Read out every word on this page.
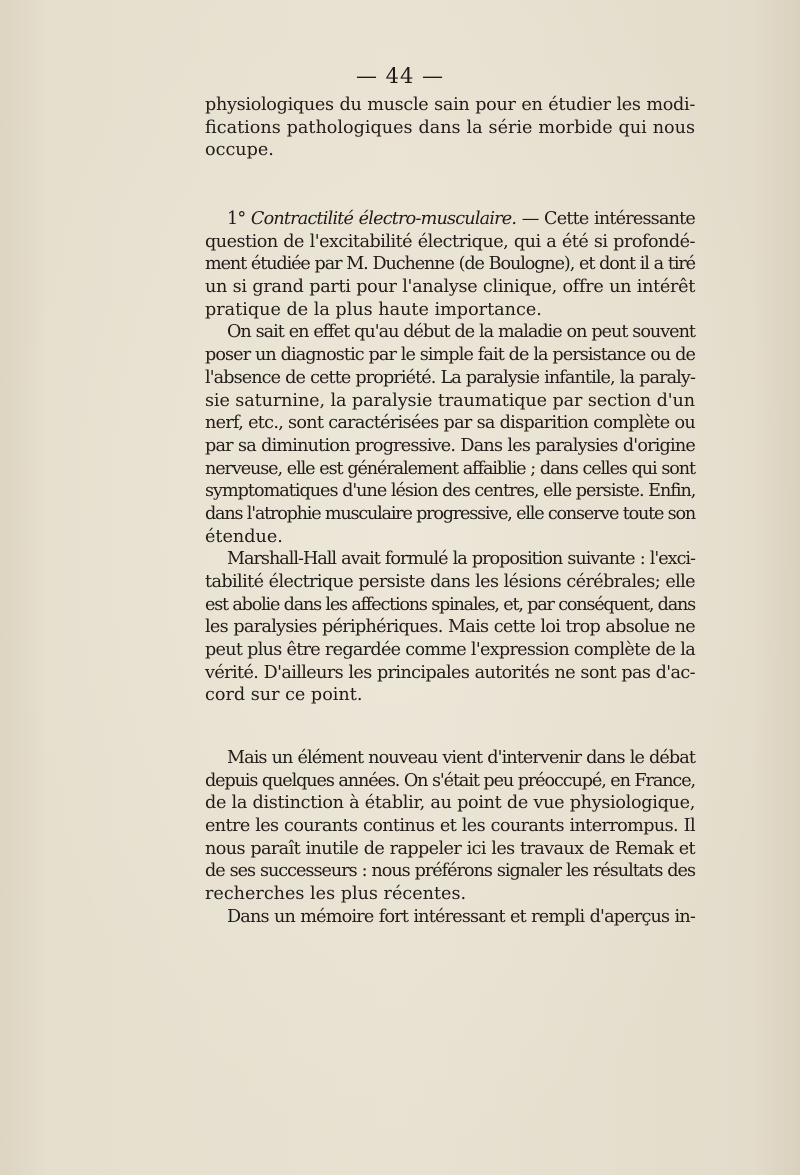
— 44 —
physiologiques du muscle sain pour en étudier les modi-
fications pathologiques dans la série morbide qui nous
occupe.
1° Contractilité électro-musculaire. — Cette intéressante
question de l'excitabilité électrique, qui a été si profondé-
ment étudiée par M. Duchenne (de Boulogne), et dont il a tiré
un si grand parti pour l'analyse clinique, offre un intérêt
pratique de la plus haute importance.
On sait en effet qu'au début de la maladie on peut souvent
poser un diagnostic par le simple fait de la persistance ou de
l'absence de cette propriété. La paralysie infantile, la paraly-
sie saturnine, la paralysie traumatique par section d'un
nerf, etc., sont caractérisées par sa disparition complète ou
par sa diminution progressive. Dans les paralysies d'origine
nerveuse, elle est généralement affaiblie ; dans celles qui sont
symptomatiques d'une lésion des centres, elle persiste. Enfin,
dans l'atrophie musculaire progressive, elle conserve toute son
étendue.
Marshall-Hall avait formulé la proposition suivante : l'exci-
tabilité électrique persiste dans les lésions cérébrales; elle
est abolie dans les affections spinales, et, par conséquent, dans
les paralysies périphériques. Mais cette loi trop absolue ne
peut plus être regardée comme l'expression complète de la
vérité. D'ailleurs les principales autorités ne sont pas d'ac-
cord sur ce point.
Mais un élément nouveau vient d'intervenir dans le débat
depuis quelques années. On s'était peu préoccupé, en France,
de la distinction à établir, au point de vue physiologique,
entre les courants continus et les courants interrompus. Il
nous paraît inutile de rappeler ici les travaux de Remak et
de ses successeurs : nous préférons signaler les résultats des
recherches les plus récentes.
Dans un mémoire fort intéressant et rempli d'aperçus in-
